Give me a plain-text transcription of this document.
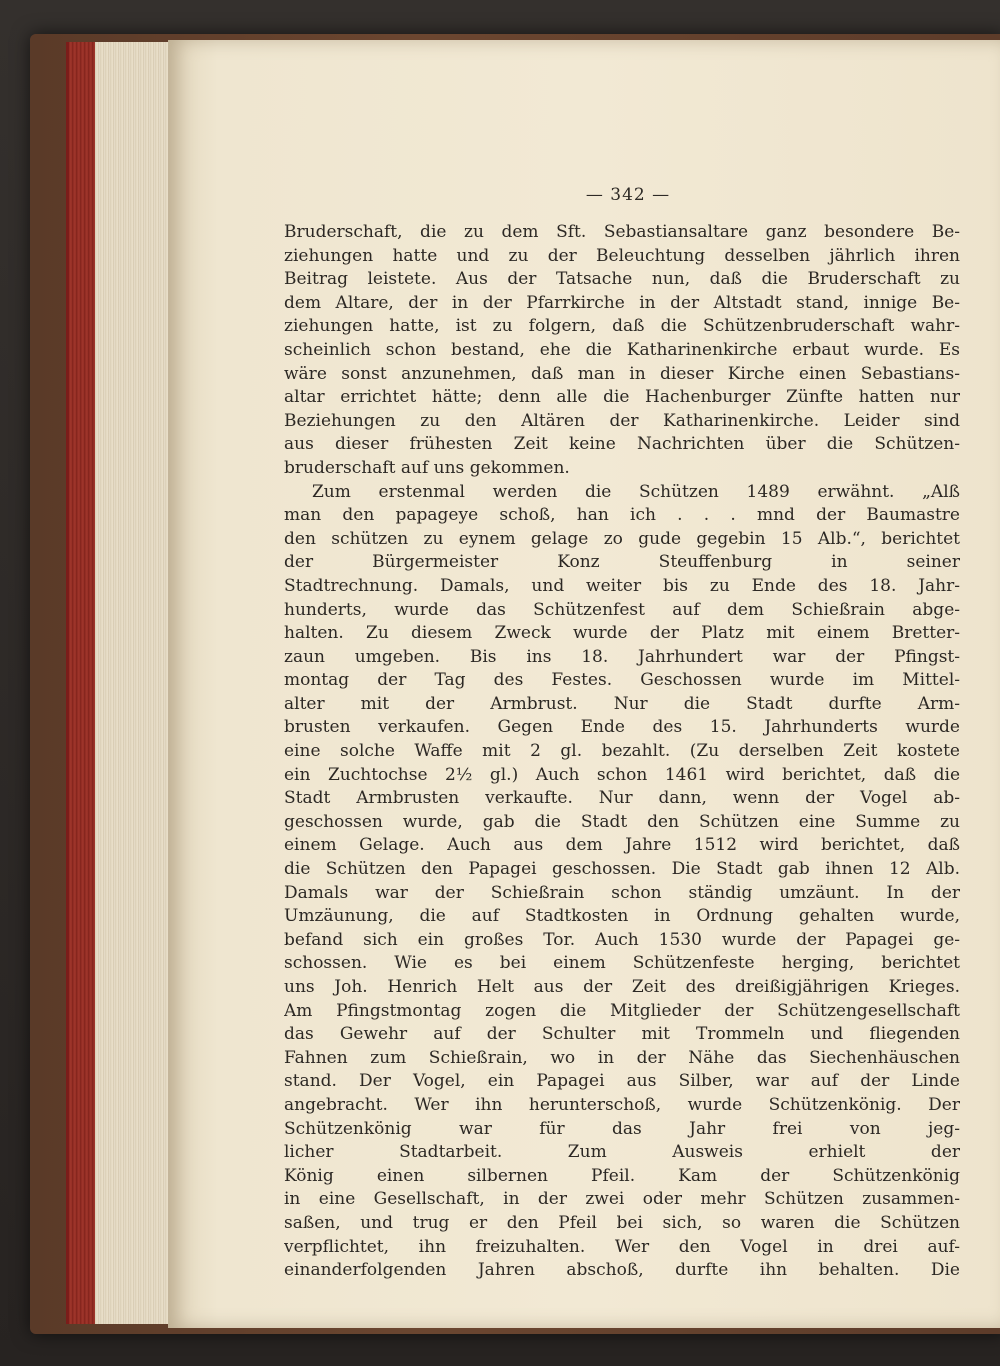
— 342 —
Bruderschaft, die zu dem Sft. Sebastiansaltare ganz besondere Be-
ziehungen hatte und zu der Beleuchtung desselben jährlich ihren
Beitrag leistete. Aus der Tatsache nun, daß die Bruderschaft zu
dem Altare, der in der Pfarrkirche in der Altstadt stand, innige Be-
ziehungen hatte, ist zu folgern, daß die Schützenbruderschaft wahr-
scheinlich schon bestand, ehe die Katharinenkirche erbaut wurde. Es
wäre sonst anzunehmen, daß man in dieser Kirche einen Sebastians-
altar errichtet hätte; denn alle die Hachenburger Zünfte hatten nur
Beziehungen zu den Altären der Katharinenkirche. Leider sind
aus dieser frühesten Zeit keine Nachrichten über die Schützen-
bruderschaft auf uns gekommen.
Zum erstenmal werden die Schützen 1489 erwähnt. „Alß
man den papageye schoß, han ich . . . mnd der Baumastre
den schützen zu eynem gelage zo gude gegebin 15 Alb.“, berichtet
der Bürgermeister Konz Steuffenburg in seiner
Stadtrechnung. Damals, und weiter bis zu Ende des 18. Jahr-
hunderts, wurde das Schützenfest auf dem Schießrain abge-
halten. Zu diesem Zweck wurde der Platz mit einem Bretter-
zaun umgeben. Bis ins 18. Jahrhundert war der Pfingst-
montag der Tag des Festes. Geschossen wurde im Mittel-
alter mit der Armbrust. Nur die Stadt durfte Arm-
brusten verkaufen. Gegen Ende des 15. Jahrhunderts wurde
eine solche Waffe mit 2 gl. bezahlt. (Zu derselben Zeit kostete
ein Zuchtochse 2½ gl.) Auch schon 1461 wird berichtet, daß die
Stadt Armbrusten verkaufte. Nur dann, wenn der Vogel ab-
geschossen wurde, gab die Stadt den Schützen eine Summe zu
einem Gelage. Auch aus dem Jahre 1512 wird berichtet, daß
die Schützen den Papagei geschossen. Die Stadt gab ihnen 12 Alb.
Damals war der Schießrain schon ständig umzäunt. In der
Umzäunung, die auf Stadtkosten in Ordnung gehalten wurde,
befand sich ein großes Tor. Auch 1530 wurde der Papagei ge-
schossen. Wie es bei einem Schützenfeste herging, berichtet
uns Joh. Henrich Helt aus der Zeit des dreißigjährigen Krieges.
Am Pfingstmontag zogen die Mitglieder der Schützengesellschaft
das Gewehr auf der Schulter mit Trommeln und fliegenden
Fahnen zum Schießrain, wo in der Nähe das Siechenhäuschen
stand. Der Vogel, ein Papagei aus Silber, war auf der Linde
angebracht. Wer ihn herunterschoß, wurde Schützenkönig. Der
Schützenkönig war für das Jahr frei von jeg-
licher Stadtarbeit. Zum Ausweis erhielt der
König einen silbernen Pfeil. Kam der Schützenkönig
in eine Gesellschaft, in der zwei oder mehr Schützen zusammen-
saßen, und trug er den Pfeil bei sich, so waren die Schützen
verpflichtet, ihn freizuhalten. Wer den Vogel in drei auf-
einanderfolgenden Jahren abschoß, durfte ihn behalten. Die
